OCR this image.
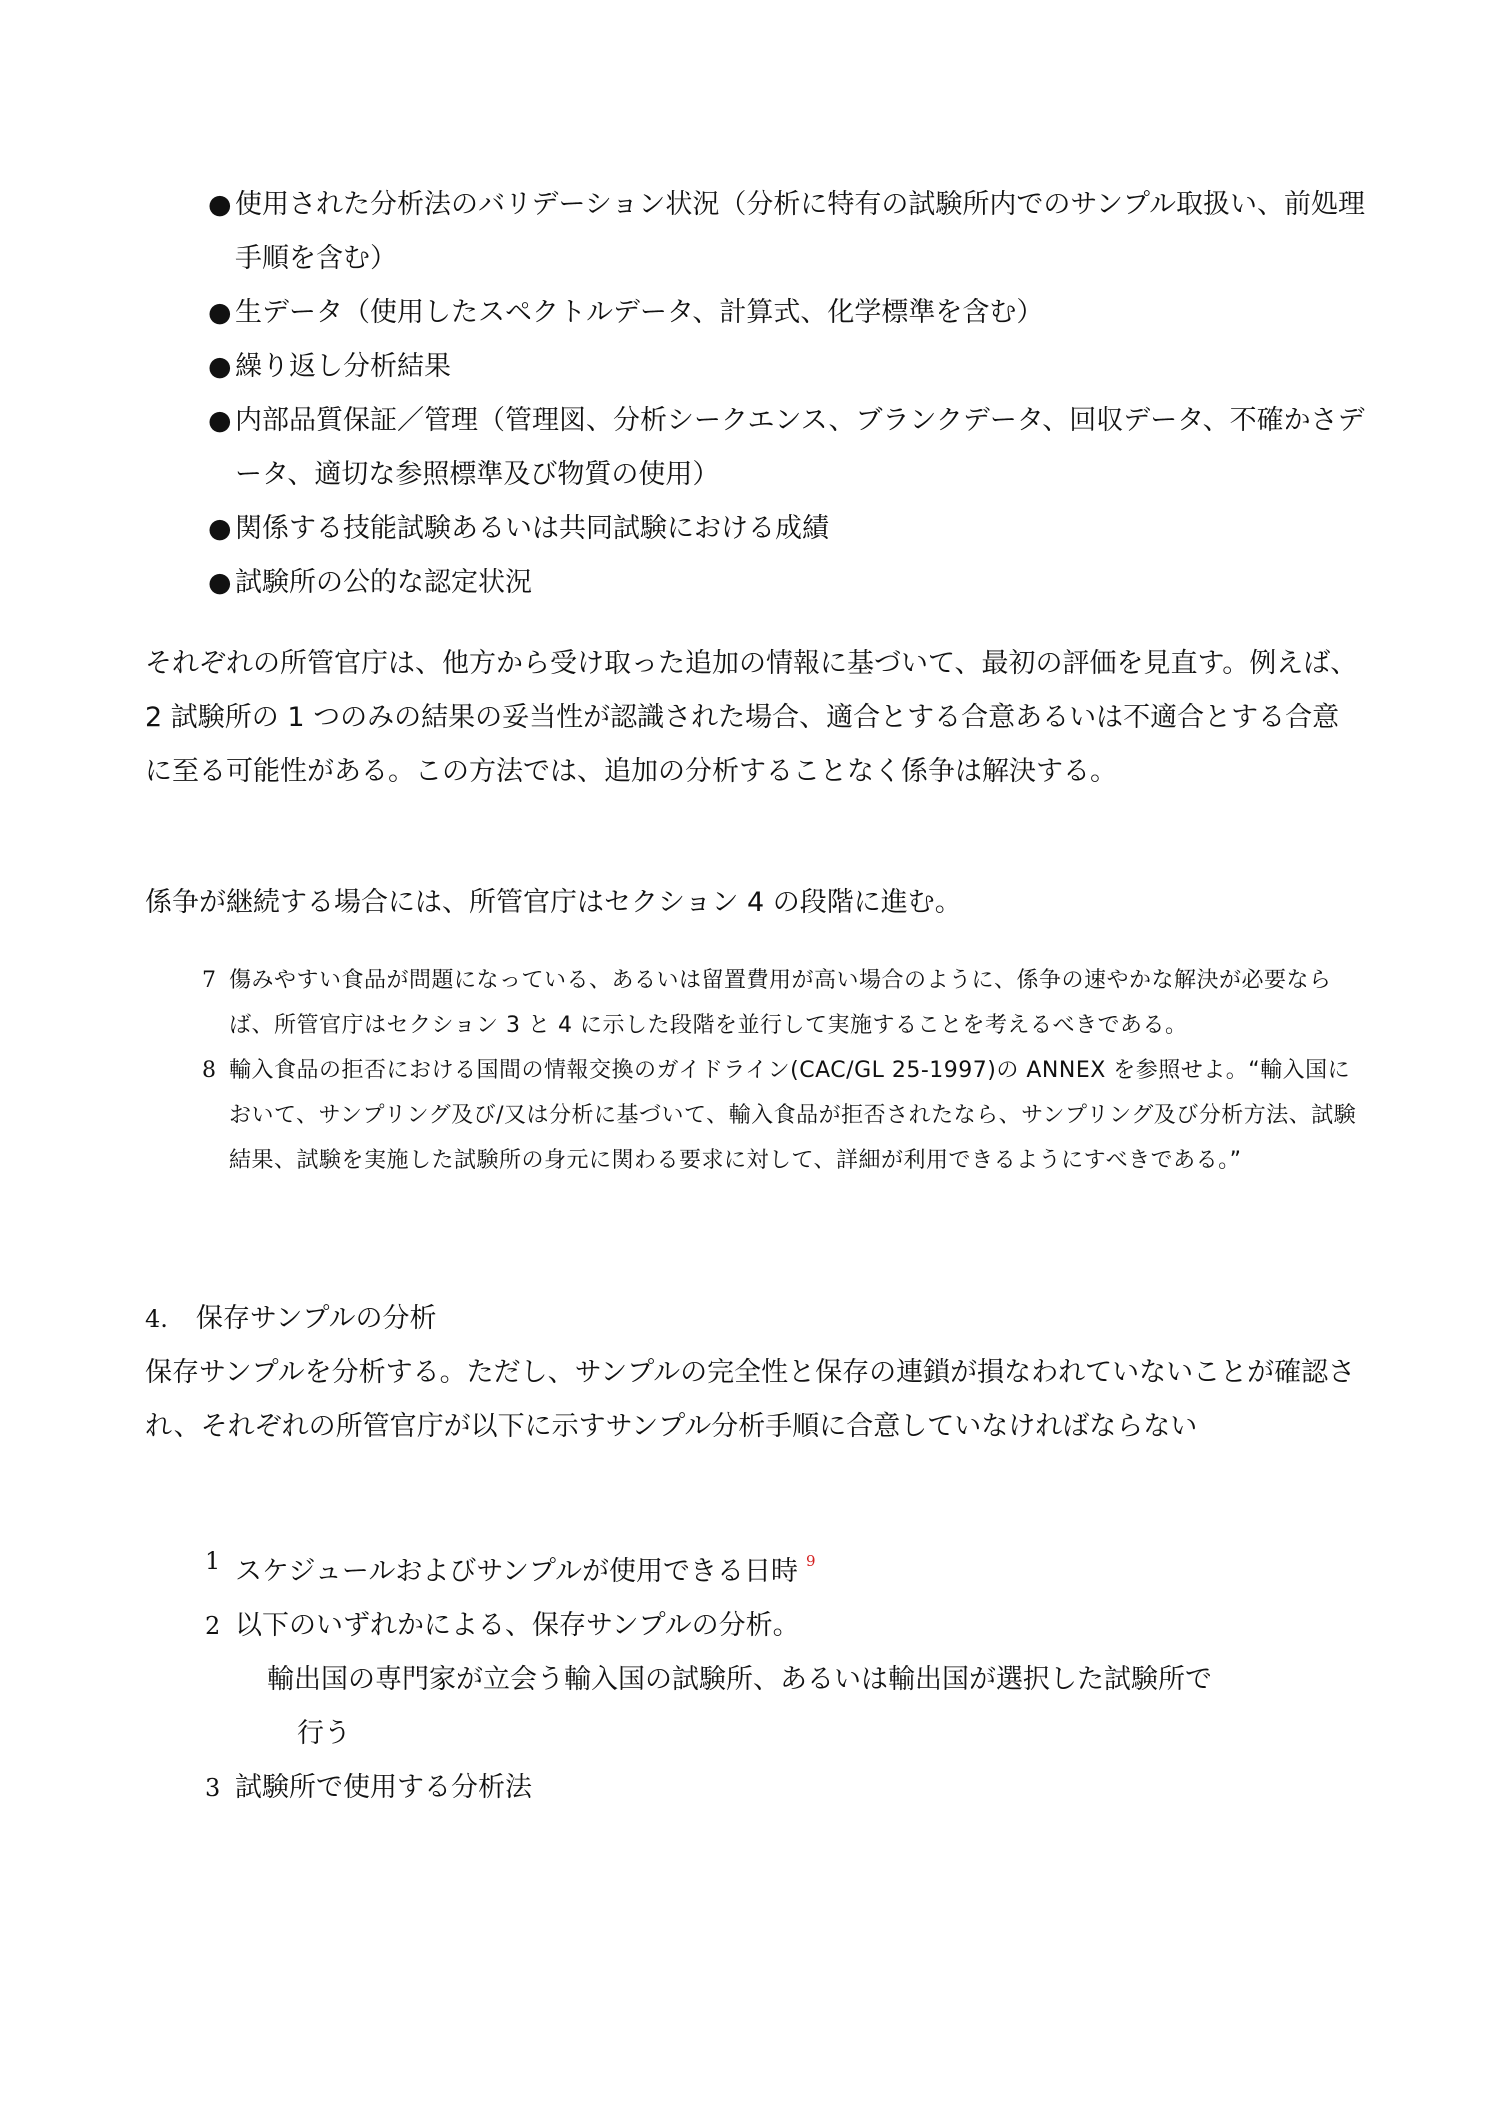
● 使用された分析法のバリデーション状況（分析に特有の試験所内でのサンプル取扱い、前処理手順を含む）
● 生データ（使用したスペクトルデータ、計算式、化学標準を含む）
● 繰り返し分析結果
● 内部品質保証／管理（管理図、分析シークエンス、ブランクデータ、回収データ、不確かさデータ、適切な参照標準及び物質の使用）
● 関係する技能試験あるいは共同試験における成績
● 試験所の公的な認定状況

それぞれの所管官庁は、他方から受け取った追加の情報に基づいて、最初の評価を見直す。例えば、2 試験所の 1 つのみの結果の妥当性が認識された場合、適合とする合意あるいは不適合とする合意に至る可能性がある。この方法では、追加の分析することなく係争は解決する。

係争が継続する場合には、所管官庁はセクション 4 の段階に進む。

7 傷みやすい食品が問題になっている、あるいは留置費用が高い場合のように、係争の速やかな解決が必要ならば、所管官庁はセクション 3 と 4 に示した段階を並行して実施することを考えるべきである。
8 輸入食品の拒否における国間の情報交換のガイドライン(CAC/GL 25-1997)の ANNEX を参照せよ。“輸入国において、サンプリング及び/又は分析に基づいて、輸入食品が拒否されたなら、サンプリング及び分析方法、試験結果、試験を実施した試験所の身元に関わる要求に対して、詳細が利用できるようにすべきである。”
4. 保存サンプルの分析

保存サンプルを分析する。ただし、サンプルの完全性と保存の連鎖が損なわれていないことが確認され、それぞれの所管官庁が以下に示すサンプル分析手順に合意していなければならない

1 スケジュールおよびサンプルが使用できる日時 $^9$
2 以下のいずれかによる、保存サンプルの分析。
輸出国の専門家が立会う輸入国の試験所、あるいは輸出国が選択した試験所で
行う
3 試験所で使用する分析法
